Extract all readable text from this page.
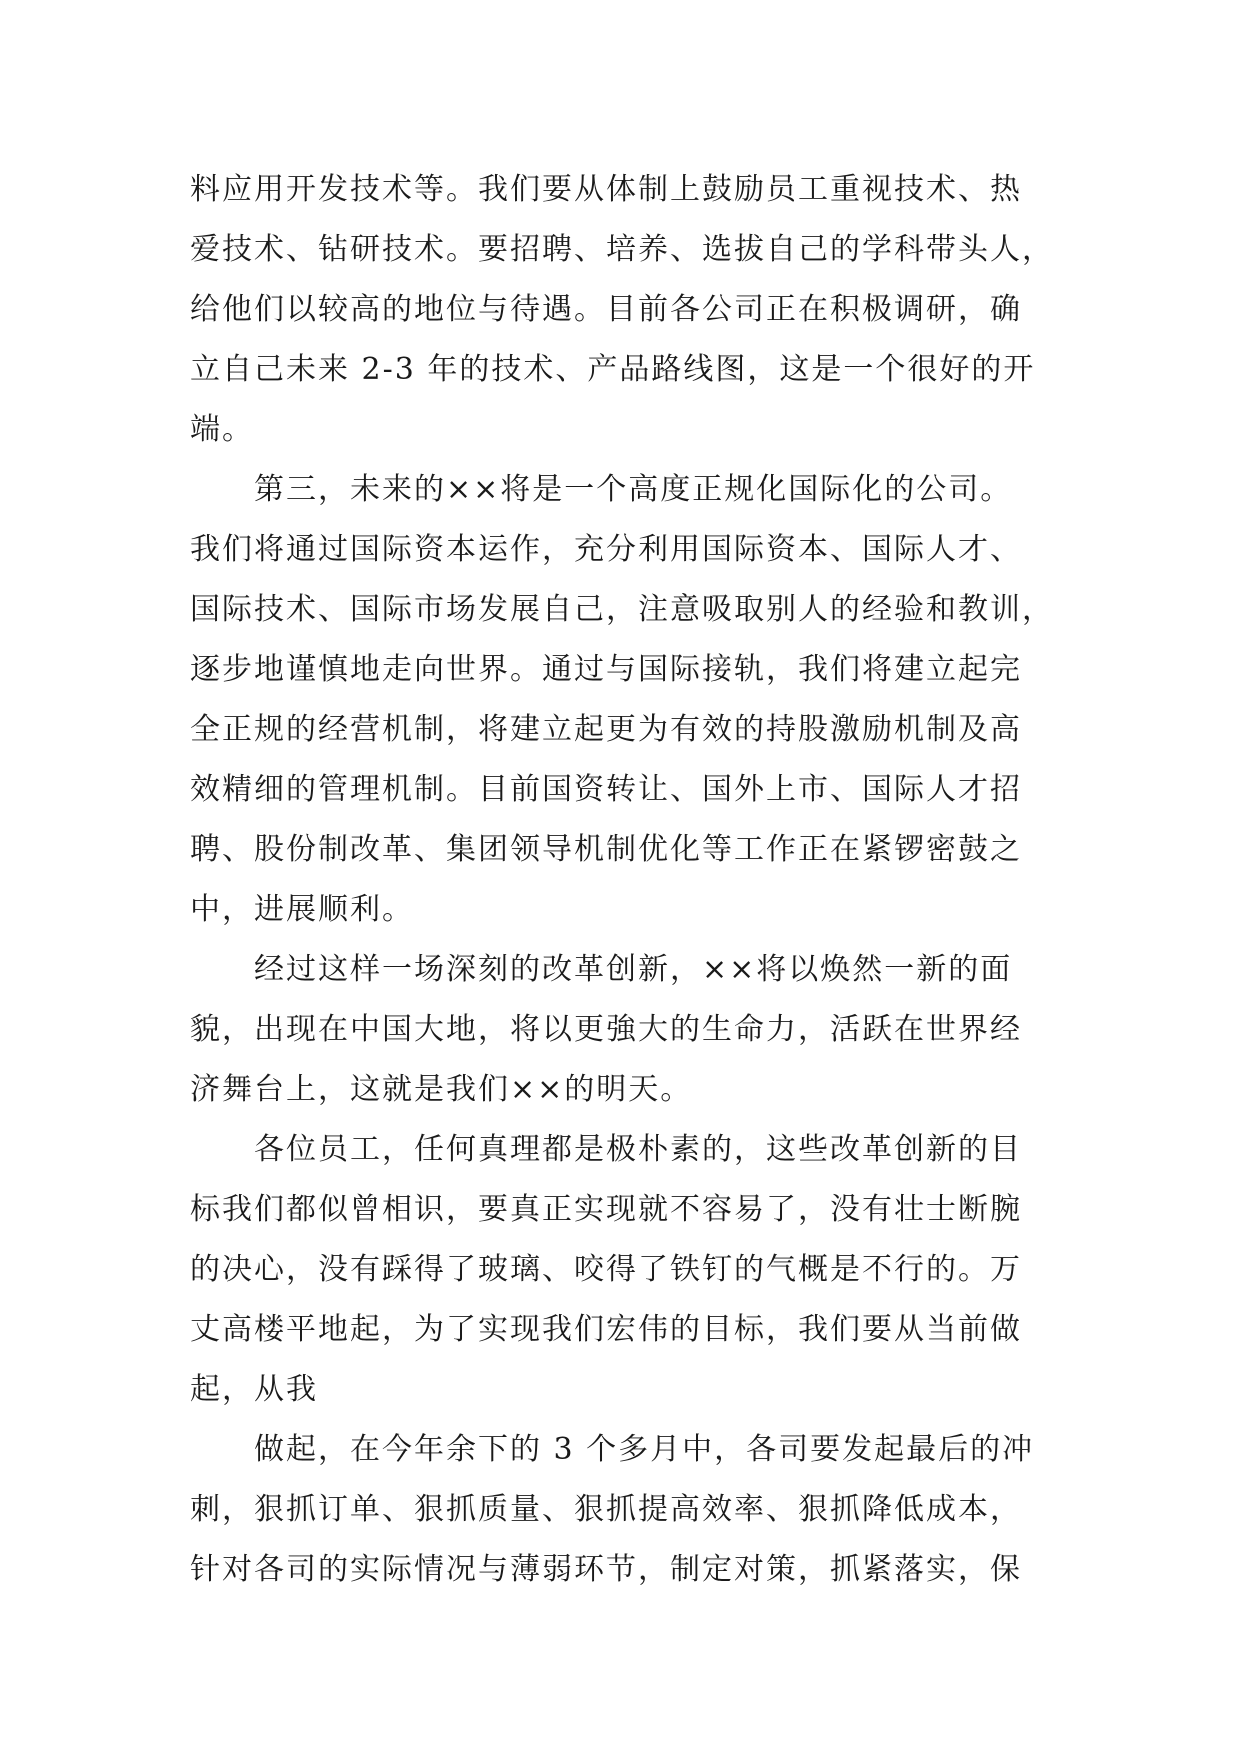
料应用开发技术等。我们要从体制上鼓励员工重视技术、热
爱技术、钻研技术。要招聘、培养、选拔自己的学科带头人，
给他们以较高的地位与待遇。目前各公司正在积极调研，确
立自己未来 2-3 年的技术、产品路线图，这是一个很好的开
端。

第三，未来的××将是一个高度正规化国际化的公司。
我们将通过国际资本运作，充分利用国际资本、国际人才、
国际技术、国际市场发展自己，注意吸取别人的经验和教训，
逐步地谨慎地走向世界。通过与国际接轨，我们将建立起完
全正规的经营机制，将建立起更为有效的持股激励机制及高
效精细的管理机制。目前国资转让、国外上市、国际人才招
聘、股份制改革、集团领导机制优化等工作正在紧锣密鼓之
中，进展顺利。

经过这样一场深刻的改革创新，××将以焕然一新的面
貌，出现在中国大地，将以更強大的生命力，活跃在世界经
济舞台上，这就是我们××的明天。

各位员工，任何真理都是极朴素的，这些改革创新的目
标我们都似曾相识，要真正实现就不容易了，没有壮士断腕
的决心，没有踩得了玻璃、咬得了铁钉的气概是不行的。万
丈高楼平地起，为了实现我们宏伟的目标，我们要从当前做
起，从我

做起，在今年余下的 3 个多月中，各司要发起最后的冲
刺，狠抓订单、狠抓质量、狠抓提高效率、狠抓降低成本，
针对各司的实际情况与薄弱环节，制定对策，抓紧落实，保
